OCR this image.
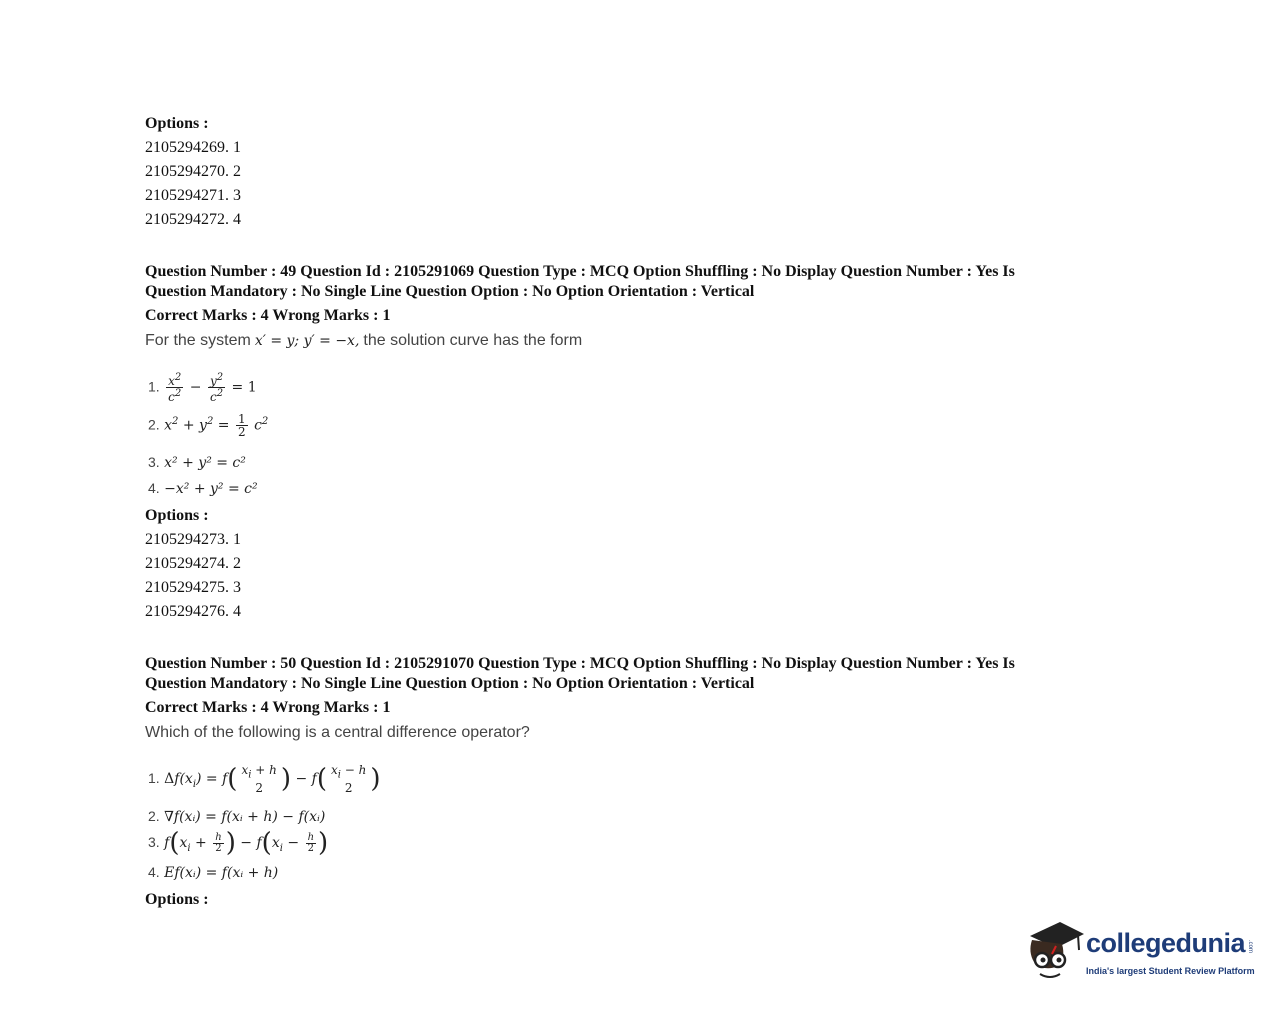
Options :
2105294269. 1
2105294270. 2
2105294271. 3
2105294272. 4
Question Number : 49 Question Id : 2105291069 Question Type : MCQ Option Shuffling : No Display Question Number : Yes Is
Question Mandatory : No Single Line Question Option : No Option Orientation : Vertical
Correct Marks : 4 Wrong Marks : 1
For the system x′ = y; y′ = −x, the solution curve has the form
1. $\frac{x^2}{c^2} - \frac{y^2}{c^2} = 1$
2. $x^2 + y^2 = \frac{1}{2} c^2$
3. x² + y² = c²
4. −x² + y² = c²
Options :
2105294273. 1
2105294274. 2
2105294275. 3
2105294276. 4
Question Number : 50 Question Id : 2105291070 Question Type : MCQ Option Shuffling : No Display Question Number : Yes Is
Question Mandatory : No Single Line Question Option : No Option Orientation : Vertical
Correct Marks : 4 Wrong Marks : 1
Which of the following is a central difference operator?
1. $\Delta f(x_i) = f$( $x_i + h$
2 ) − f( $x_i - h$
2 )
2. ∇f(xᵢ) = f(xᵢ + h) − f(xᵢ)
3. $f(x_i + \frac{h}{2}$ ) − $f(x_i - \frac{h}{2}$ )
4. Ef(xᵢ) = f(xᵢ + h)
Options :
collegedunia .com
India's largest Student Review Platform
